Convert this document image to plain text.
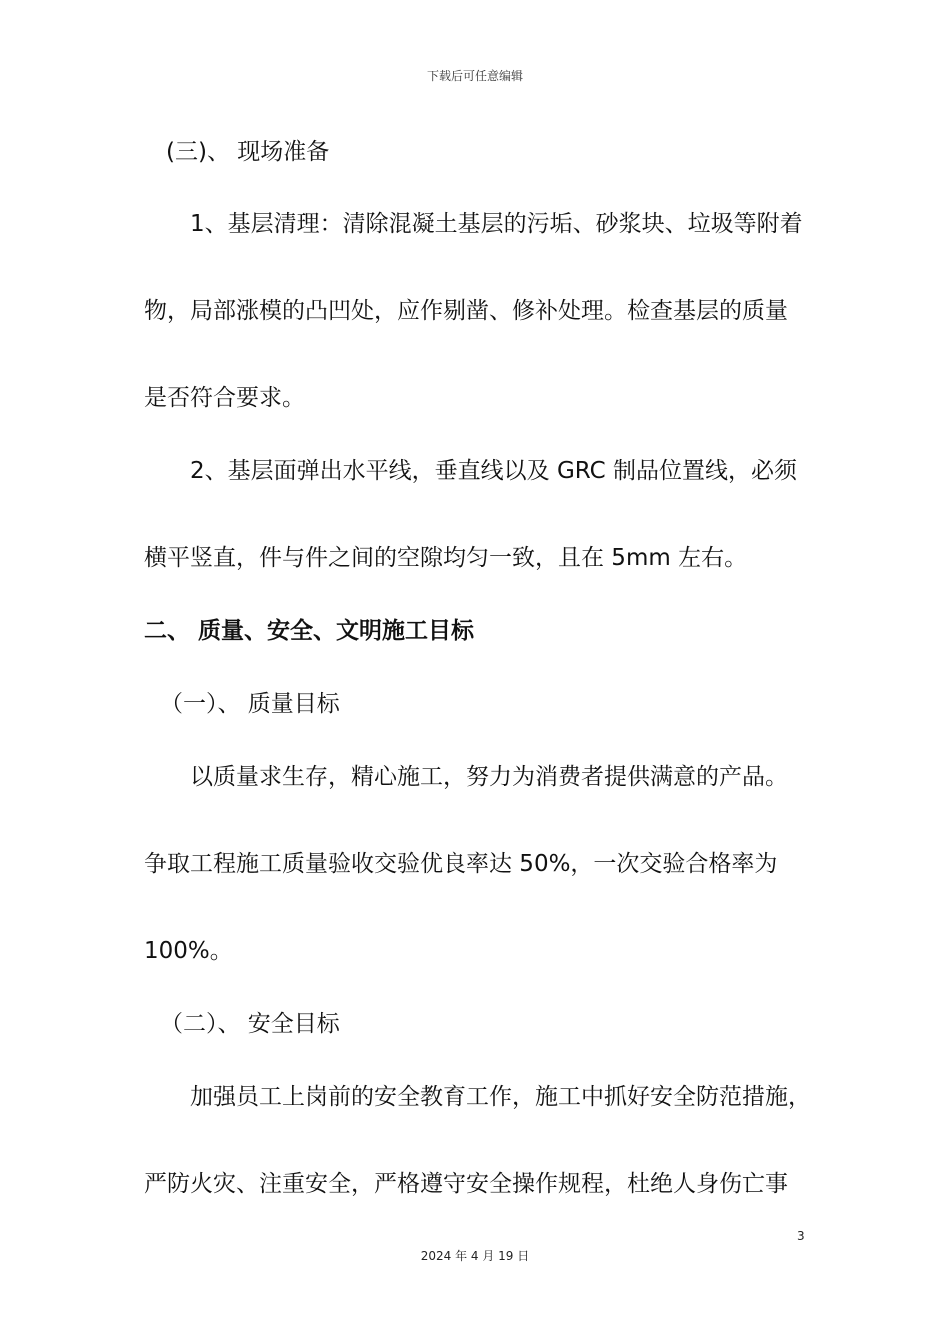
下载后可任意编辑
(三)、 现场准备
1、基层清理：清除混凝土基层的污垢、砂浆块、垃圾等附着
物，局部涨模的凸凹处，应作剔凿、修补处理。检查基层的质量
是否符合要求。
2、基层面弹出水平线，垂直线以及 GRC 制品位置线，必须
横平竖直，件与件之间的空隙均匀一致，且在 5mm 左右。
二、 质量、安全、文明施工目标
（一）、 质量目标
以质量求生存，精心施工，努力为消费者提供满意的产品。
争取工程施工质量验收交验优良率达 50%，一次交验合格率为
100%。
（二）、 安全目标
加强员工上岗前的安全教育工作，施工中抓好安全防范措施，
严防火灾、注重安全，严格遵守安全操作规程，杜绝人身伤亡事
3
2024 年 4 月 19 日
